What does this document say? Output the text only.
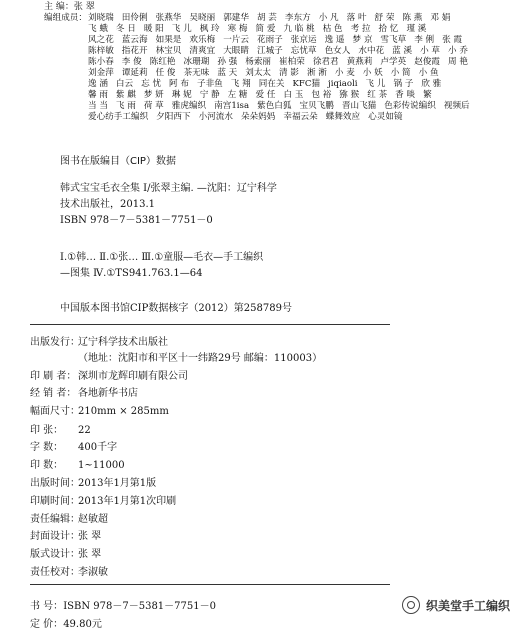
主 编：张 翠
编组成员： 刘晓瑞 田伶俐 张燕华 吴晓丽 郭建华 胡 芸 李东方 小 凡 落 叶 舒 荣 陈 燕 邓 娟
飞 蛾 冬 日 暖 阳 飞 儿 枫 玲 寒 梅 简 爱 九 临 桃 枯 色 考 拉 拾 忆 瑾 溪
风之花 蓝云海 如果是 欢乐梅 一片云 花雨子 张京运 逸 遥 梦 京 雪飞草 李 俐 张 霞
陈梓敏 指花开 林宝贝 清爽宜 大眼睛 江城子 忘忧草 色女人 水中花 蓝 溪 小 草 小 乔
陈小春 李 俊 陈红艳 冰珊瑚 孙 强 杨索丽 崔柏荣 徐君君 黄燕莉 卢学英 赵俊霞 周 艳
刘金萍 谭延莉 任 俊 茶无味 蓝 天 刘太太 清 影 淅 淅 小 麦 小 妖 小 简 小 鱼
逸 涵 白云 忘 忧 阿 布 子非鱼 飞 翔 同在关 KFC猫 jiqiaoli 飞 儿 锅 子 欣 雅
馨 雨 紫 麒 梦 妍 琳 妮 宁 静 左 糖 爱 任 白 玉 包 裕 猕 猴 红 茶 香 啖 繁
当 当 飞 雨 荷 草 雅虎编织 南宫1isa 紫色白狐 宝贝飞鹏 晋山飞猫 色彩传说编织 视频后
爱心纺手工编织 夕阳西下 小河流水 朵朵妈妈 幸福云朵 蝶舞效应 心灵如镜
图书在版编目（CIP）数据
韩式宝宝毛衣全集 Ⅰ/张翠主编. —沈阳：辽宁科学
技术出版社，2013.1
ISBN 978－7－5381－7751－0
Ⅰ.①韩… Ⅱ.①张… Ⅲ.①童服—毛衣—手工编织
—图集 Ⅳ.①TS941.763.1—64
中国版本图书馆CIP数据核字（2012）第258789号
出版发行：辽宁科学技术出版社
（地址：沈阳市和平区十一纬路29号 邮编：110003）
印 刷 者： 深圳市龙辉印刷有限公司
经 销 者： 各地新华书店
幅面尺寸：210mm × 285mm
印 张： 22
字 数： 400千字
印 数： 1~11000
出版时间：2013年1月第1版
印刷时间：2013年1月第1次印刷
责任编辑：赵敏超
封面设计：张 翠
版式设计：张 翠
责任校对：李淑敏
书 号：ISBN 978－7－5381－7751－0
定 价：49.80元
织美堂手工编织
